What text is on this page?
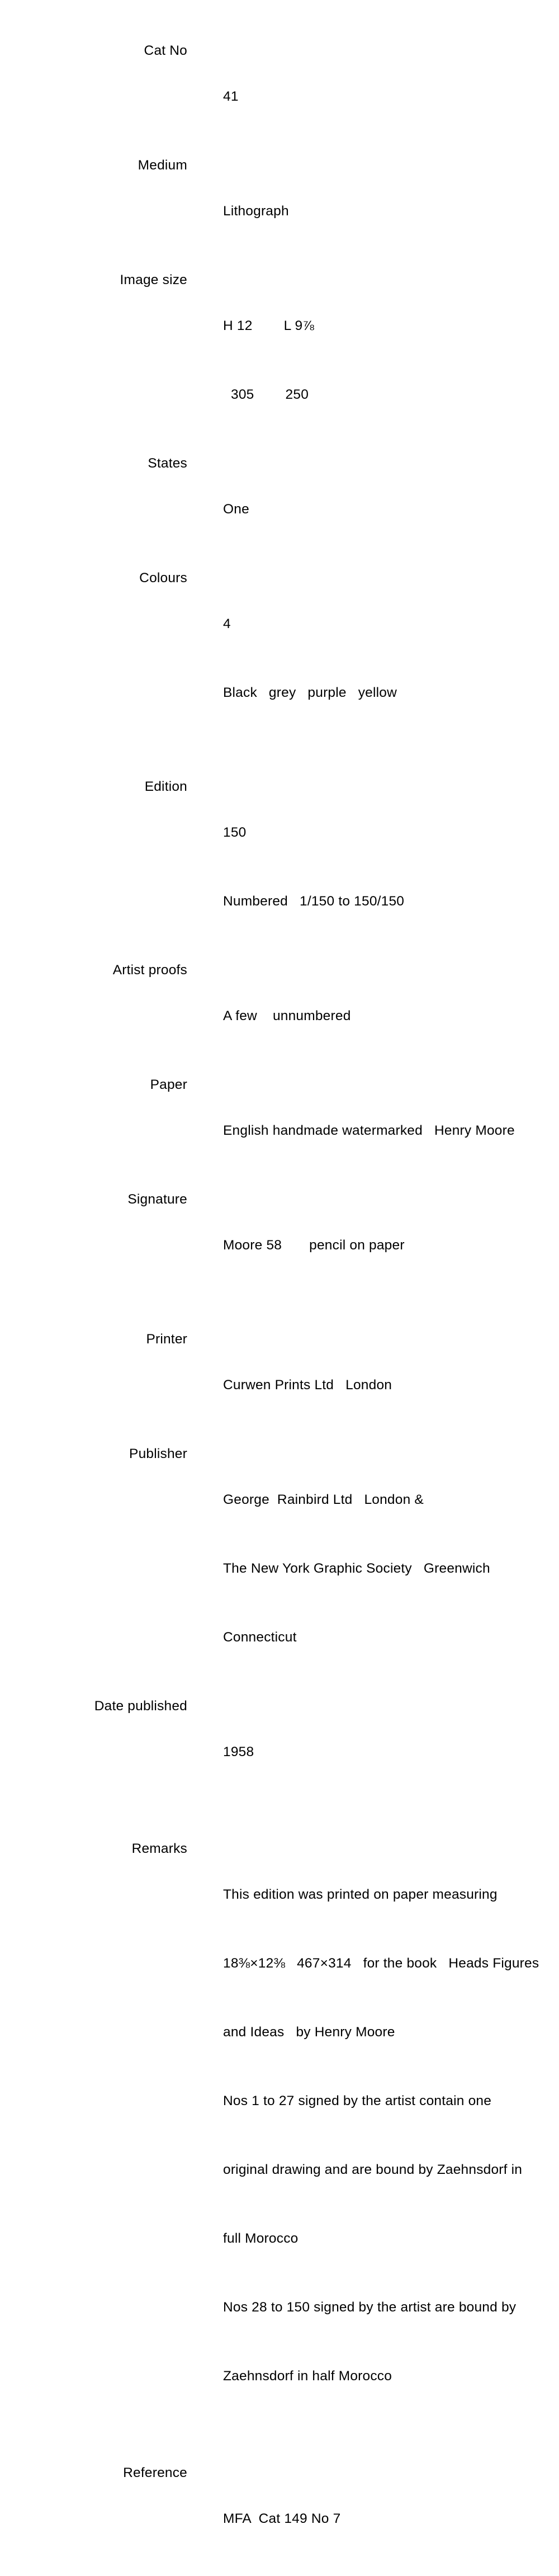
Cat No

41

Medium

Lithograph

Image size

H 12        L 9⅞

305        250

States

One

Colours

4

Black   grey   purple   yellow

Edition

150

Numbered   1/150 to 150/150

Artist proofs

A few    unnumbered

Paper

English handmade watermarked   Henry Moore

Signature

Moore 58       pencil on paper

Printer

Curwen Prints Ltd   London

Publisher

George  Rainbird Ltd   London &

The New York Graphic Society   Greenwich

Connecticut

Date published

1958

Remarks

This edition was printed on paper measuring

18⅜×12⅜   467×314   for the book   Heads Figures

and Ideas   by Henry Moore

Nos 1 to 27 signed by the artist contain one

original drawing and are bound by Zaehnsdorf in

full Morocco

Nos 28 to 150 signed by the artist are bound by

Zaehnsdorf in half Morocco

Reference

MFA  Cat 149 No 7
